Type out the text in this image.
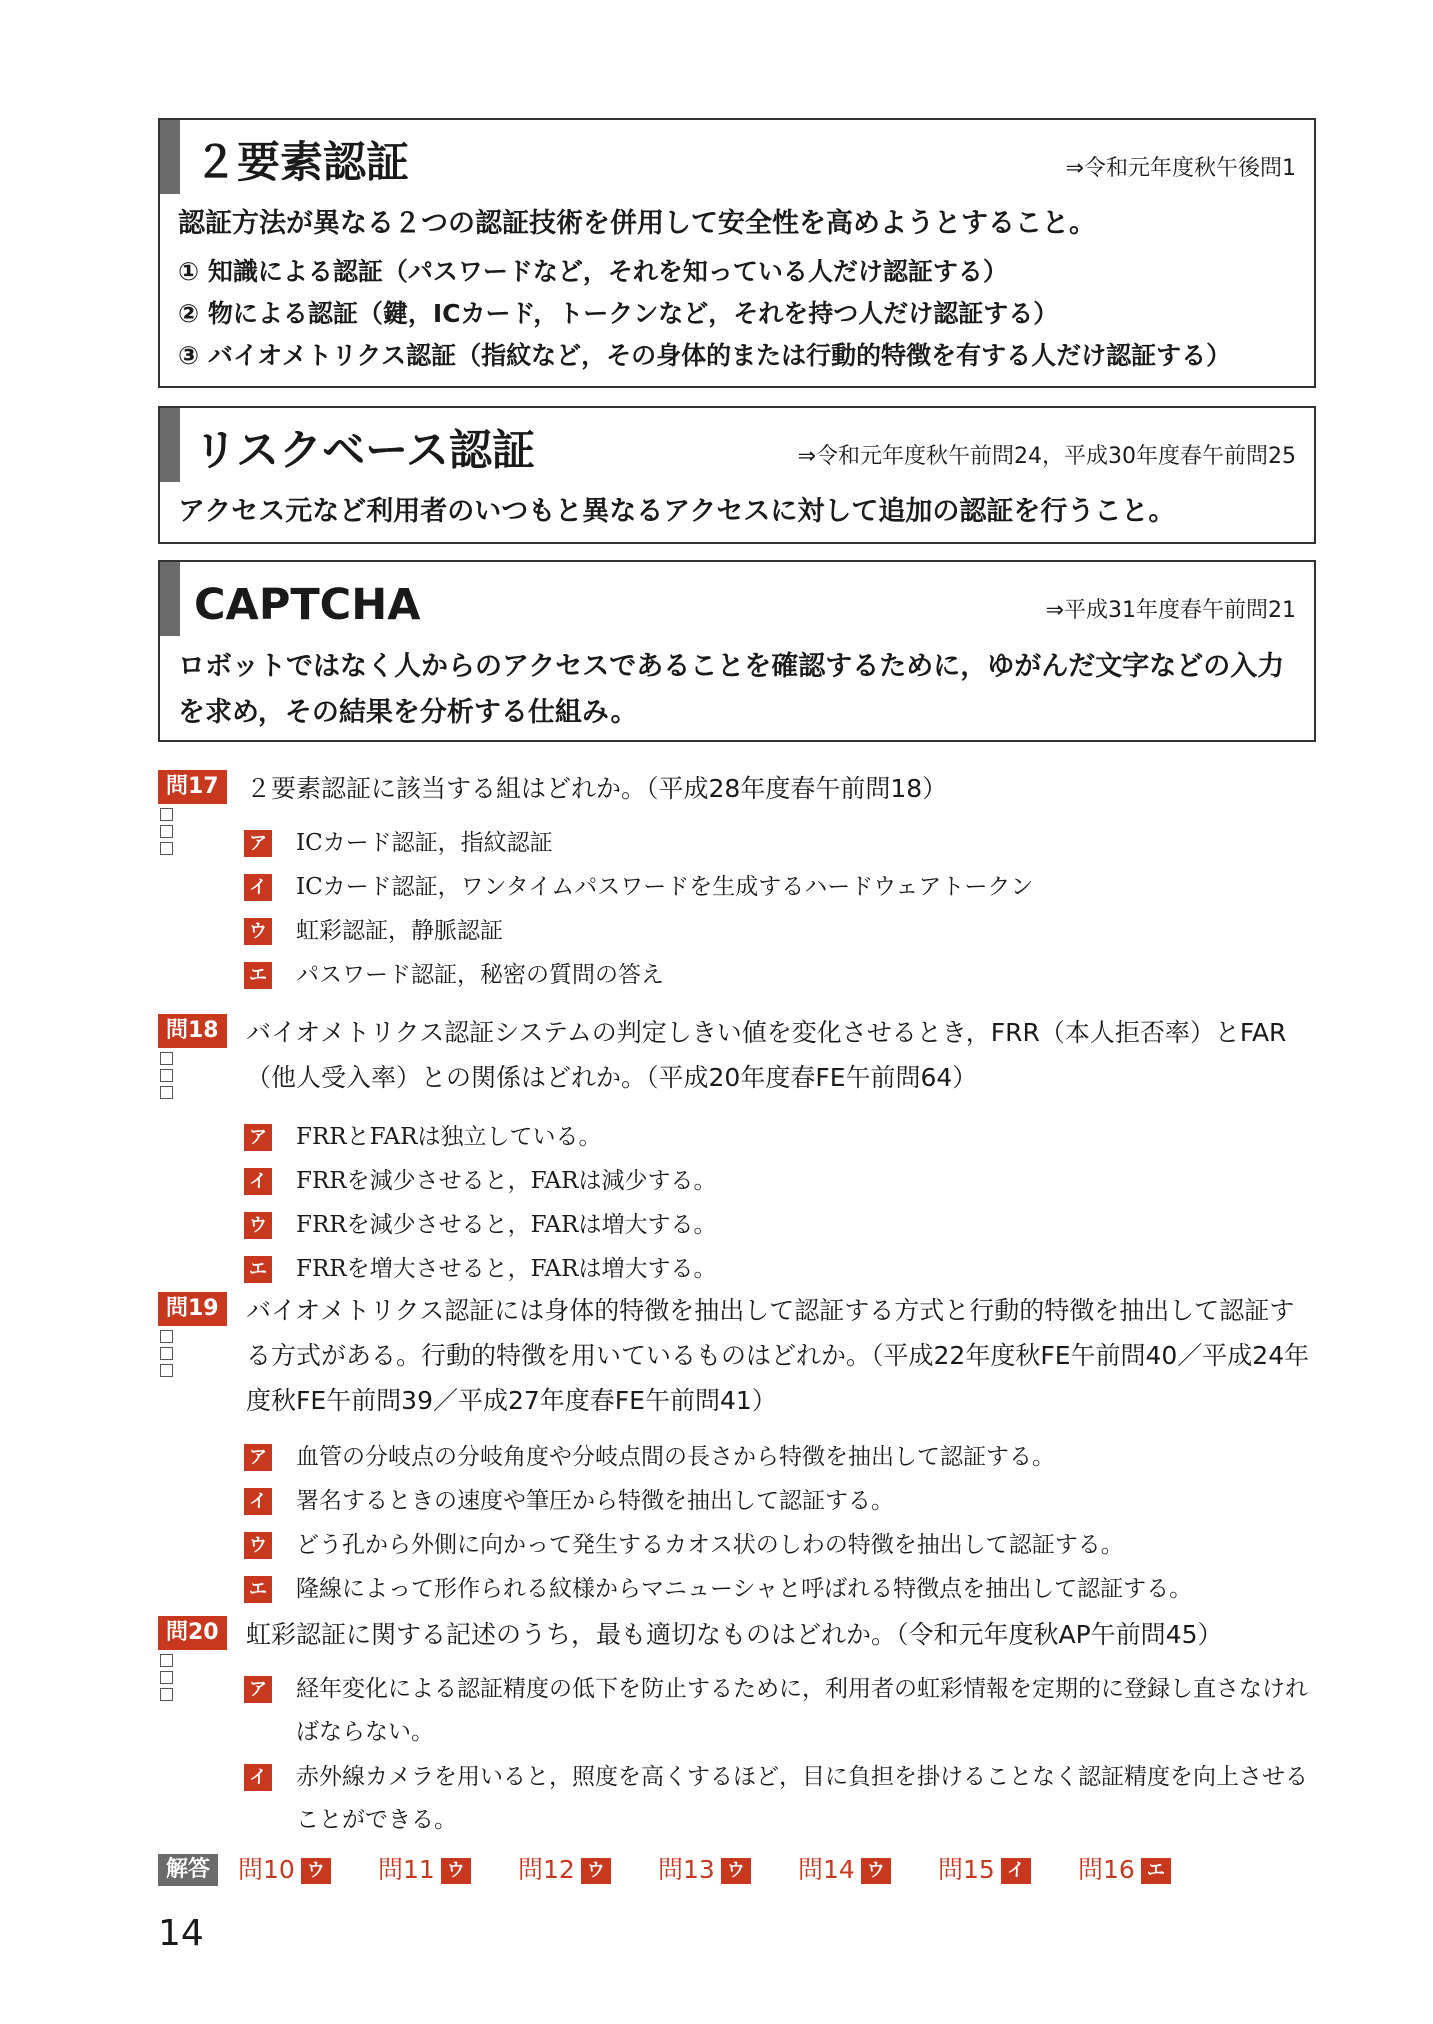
２要素認証	⇒令和元年度秋午後問1
認証方法が異なる２つの認証技術を併用して安全性を高めようとすること。
① 知識による認証（パスワードなど，それを知っている人だけ認証する）
② 物による認証（鍵，ICカード，トークンなど，それを持つ人だけ認証する）
③ バイオメトリクス認証（指紋など，その身体的または行動的特徴を有する人だけ認証する）
リスクベース認証	⇒令和元年度秋午前問24，平成30年度春午前問25
アクセス元など利用者のいつもと異なるアクセスに対して追加の認証を行うこと。
CAPTCHA	⇒平成31年度春午前問21
ロボットではなく人からのアクセスであることを確認するために，ゆがんだ文字などの入力を求め，その結果を分析する仕組み。
問17	２要素認証に該当する組はどれか。（平成28年度春午前問18）
ア ICカード認証，指紋認証
イ ICカード認証，ワンタイムパスワードを生成するハードウェアトークン
ウ 虹彩認証，静脈認証
エ パスワード認証，秘密の質問の答え
問18	バイオメトリクス認証システムの判定しきい値を変化させるとき，FRR（本人拒否率）とFAR（他人受入率）との関係はどれか。（平成20年度春FE午前問64）
ア FRRとFARは独立している。
イ FRRを減少させると，FARは減少する。
ウ FRRを減少させると，FARは増大する。
エ FRRを増大させると，FARは増大する。
問19	バイオメトリクス認証には身体的特徴を抽出して認証する方式と行動的特徴を抽出して認証する方式がある。行動的特徴を用いているものはどれか。（平成22年度秋FE午前問40／平成24年度秋FE午前問39／平成27年度春FE午前問41）
ア 血管の分岐点の分岐角度や分岐点間の長さから特徴を抽出して認証する。
イ 署名するときの速度や筆圧から特徴を抽出して認証する。
ウ どう孔から外側に向かって発生するカオス状のしわの特徴を抽出して認証する。
エ 隆線によって形作られる紋様からマニューシャと呼ばれる特徴点を抽出して認証する。
問20	虹彩認証に関する記述のうち，最も適切なものはどれか。（令和元年度秋AP午前問45）
ア 経年変化による認証精度の低下を防止するために，利用者の虹彩情報を定期的に登録し直さなければならない。
イ 赤外線カメラを用いると，照度を高くするほど，目に負担を掛けることなく認証精度を向上させることができる。
解答	問10 ウ 問11 ウ 問12 ウ 問13 ウ 問14 ウ 問15 イ 問16 エ
14
